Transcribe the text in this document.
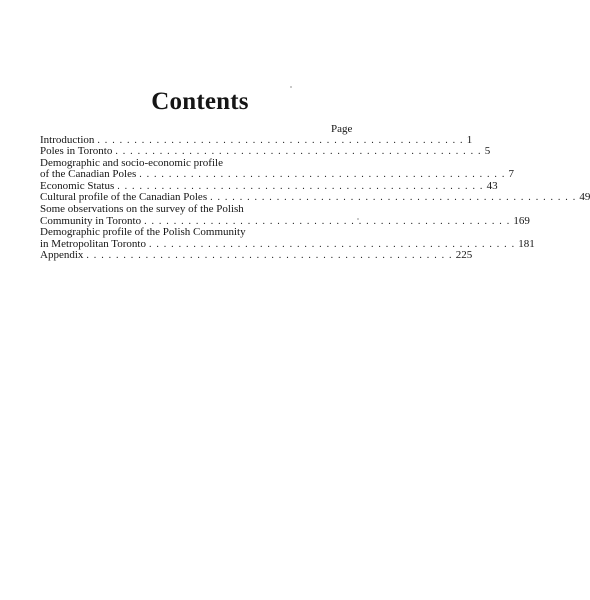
Contents
Page
Introduction . . . . . . . . . . . . . . . . . . . . . . . . . . . . . . . . . . . . . . . . . . . . . . . . . . 1
Poles in Toronto . . . . . . . . . . . . . . . . . . . . . . . . . . . . . . . . . . . . . . . . . . . . . . . . . . 5
Demographic and socio-economic profile
of the Canadian Poles . . . . . . . . . . . . . . . . . . . . . . . . . . . . . . . . . . . . . . . . . . . . . . . . . . 7
Economic Status . . . . . . . . . . . . . . . . . . . . . . . . . . . . . . . . . . . . . . . . . . . . . . . . . . 43
Cultural profile of the Canadian Poles . . . . . . . . . . . . . . . . . . . . . . . . . . . . . . . . . . . . . . . . . . . . . . . . . . 49
Some observations on the survey of the Polish
Community in Toronto . . . . . . . . . . . . . . . . . . . . . . . . . . . . . . . . . . . . . . . . . . . . . . . . . . 169
Demographic profile of the Polish Community
in Metropolitan Toronto . . . . . . . . . . . . . . . . . . . . . . . . . . . . . . . . . . . . . . . . . . . . . . . . . . 181
Appendix . . . . . . . . . . . . . . . . . . . . . . . . . . . . . . . . . . . . . . . . . . . . . . . . . . 225
